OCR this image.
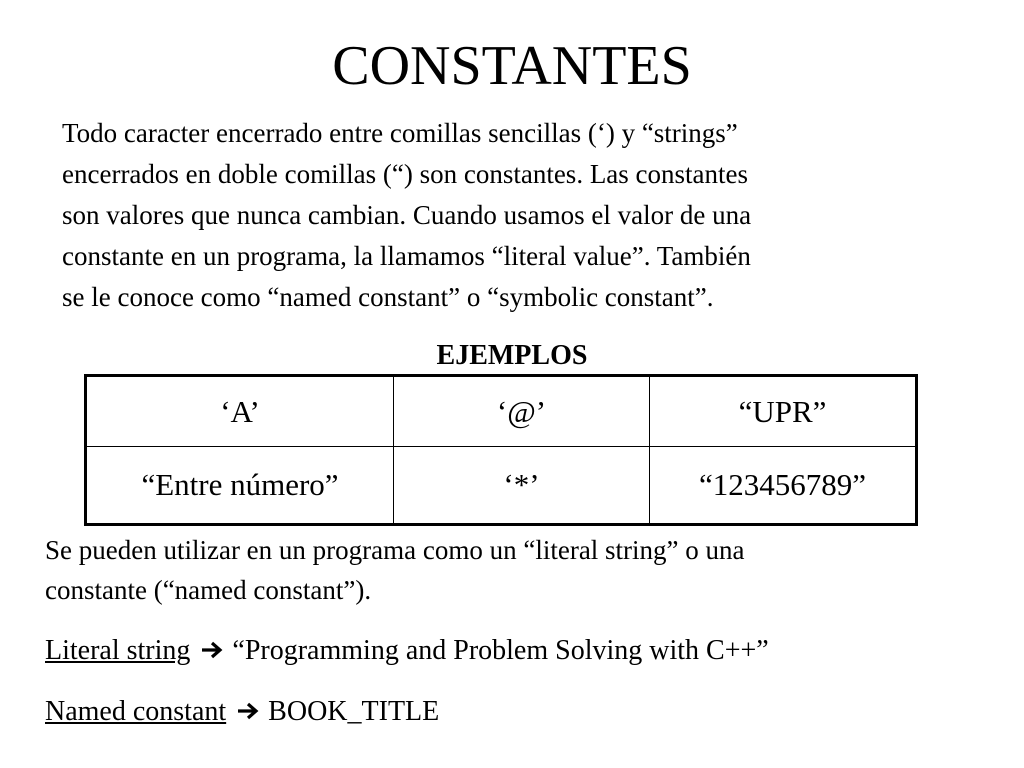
CONSTANTES
Todo caracter encerrado entre comillas sencillas (‘) y “strings”
encerrados en doble comillas (“) son constantes. Las constantes
son valores que nunca cambian. Cuando usamos el valor de una
constante en un programa, la llamamos “literal value”. También
se le conoce como “named constant” o “symbolic constant”.
EJEMPLOS
‘A’	‘@’	“UPR”
“Entre número”	‘*’	“123456789”
Se pueden utilizar en un programa como un “literal string” o una
constante (“named constant”).
Literal string “Programming and Problem Solving with C++”
Named constant BOOK_TITLE
